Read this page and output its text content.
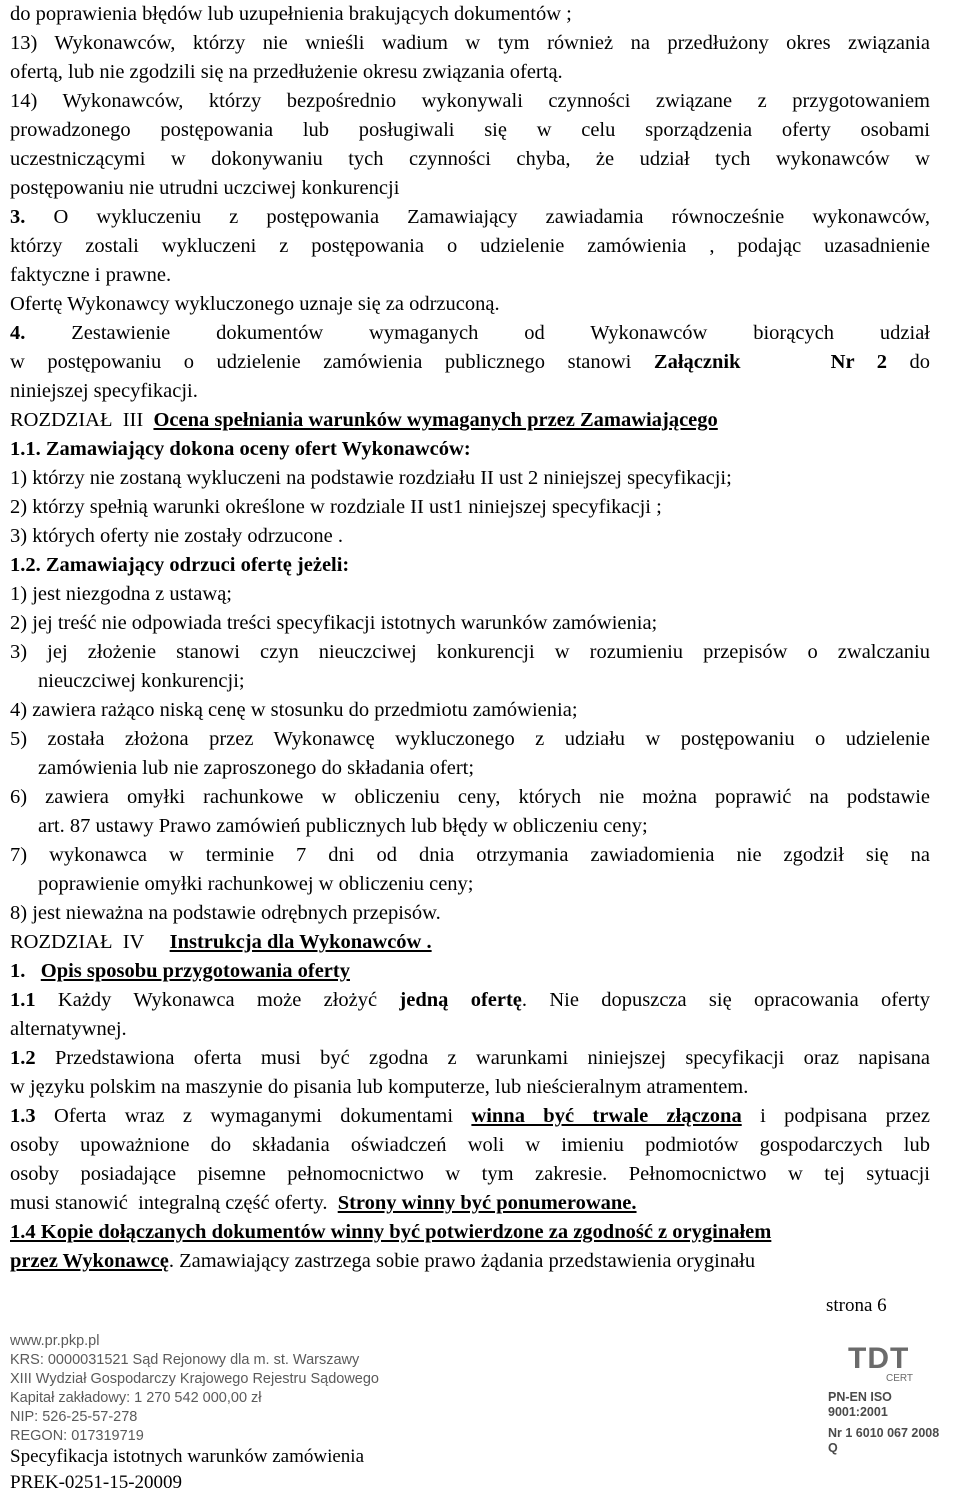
do poprawienia błędów lub uzupełnienia brakujących dokumentów ;
13) Wykonawców, którzy nie wnieśli wadium w tym również na przedłużony okres związania
ofertą, lub nie zgodzili się na przedłużenie okresu związania ofertą.
14) Wykonawców, którzy bezpośrednio wykonywali czynności związane z przygotowaniem
prowadzonego postępowania lub posługiwali się w celu sporządzenia oferty osobami
uczestniczącymi w dokonywaniu tych czynności chyba, że udział tych wykonawców w
postępowaniu nie utrudni uczciwej konkurencji
3. O wykluczeniu z postępowania Zamawiający zawiadamia równocześnie wykonawców,
którzy zostali wykluczeni z postępowania o udzielenie zamówienia , podając uzasadnienie
faktyczne i prawne.
Ofertę Wykonawcy wykluczonego uznaje się za odrzuconą.
4. Zestawienie dokumentów wymaganych od Wykonawców biorących udział
w postępowaniu o udzielenie zamówienia publicznego stanowi Załącznik    Nr 2 do
niniejszej specyfikacji.
ROZDZIAŁ  III  Ocena spełniania warunków wymaganych przez Zamawiającego
1.1. Zamawiający dokona oceny ofert Wykonawców:
1) którzy nie zostaną wykluczeni na podstawie rozdziału II ust 2 niniejszej specyfikacji;
2) którzy spełnią warunki określone w rozdziale II ust1 niniejszej specyfikacji ;
3) których oferty nie zostały odrzucone .
1.2. Zamawiający odrzuci ofertę jeżeli:
1) jest niezgodna z ustawą;
2) jej treść nie odpowiada treści specyfikacji istotnych warunków zamówienia;
3) jej złożenie stanowi czyn nieuczciwej konkurencji w rozumieniu przepisów o zwalczaniu
nieuczciwej konkurencji;
4) zawiera rażąco niską cenę w stosunku do przedmiotu zamówienia;
5) została złożona przez Wykonawcę wykluczonego z udziału w postępowaniu o udzielenie
zamówienia lub nie zaproszonego do składania ofert;
6) zawiera omyłki rachunkowe w obliczeniu ceny, których nie można poprawić na podstawie
art. 87 ustawy Prawo zamówień publicznych lub błędy w obliczeniu ceny;
7) wykonawca w terminie 7 dni od dnia otrzymania zawiadomienia nie zgodził się na
poprawienie omyłki rachunkowej w obliczeniu ceny;
8) jest nieważna na podstawie odrębnych przepisów.
ROZDZIAŁ  IV     Instrukcja dla Wykonawców .
1. Opis sposobu przygotowania oferty
1.1 Każdy Wykonawca może złożyć jedną ofertę. Nie dopuszcza się opracowania oferty
alternatywnej.
1.2 Przedstawiona oferta musi być zgodna z warunkami niniejszej specyfikacji oraz napisana
w języku polskim na maszynie do pisania lub komputerze, lub nieścieralnym atramentem.
1.3 Oferta wraz z wymaganymi dokumentami winna być trwale złączona i podpisana przez
osoby upoważnione do składania oświadczeń woli w imieniu podmiotów gospodarczych lub
osoby posiadające pisemne pełnomocnictwo w tym zakresie. Pełnomocnictwo w tej sytuacji
musi stanowić  integralną część oferty.  Strony winny być ponumerowane.
1.4 Kopie dołączanych dokumentów winny być potwierdzone za zgodność z oryginałem
przez Wykonawcę. Zamawiający zastrzega sobie prawo żądania przedstawienia oryginału
strona 6
www.pr.pkp.pl
KRS: 0000031521 Sąd Rejonowy dla m. st. Warszawy
XIII Wydział Gospodarczy Krajowego Rejestru Sądowego
Kapitał zakładowy: 1 270 542 000,00 zł
NIP: 526-25-57-278
REGON: 017319719
Specyfikacja istotnych warunków zamówienia
PREK-0251-15-20009
TDT
CERT
PN-EN ISO 9001:2001
Nr 1 6010 067 2008 Q
